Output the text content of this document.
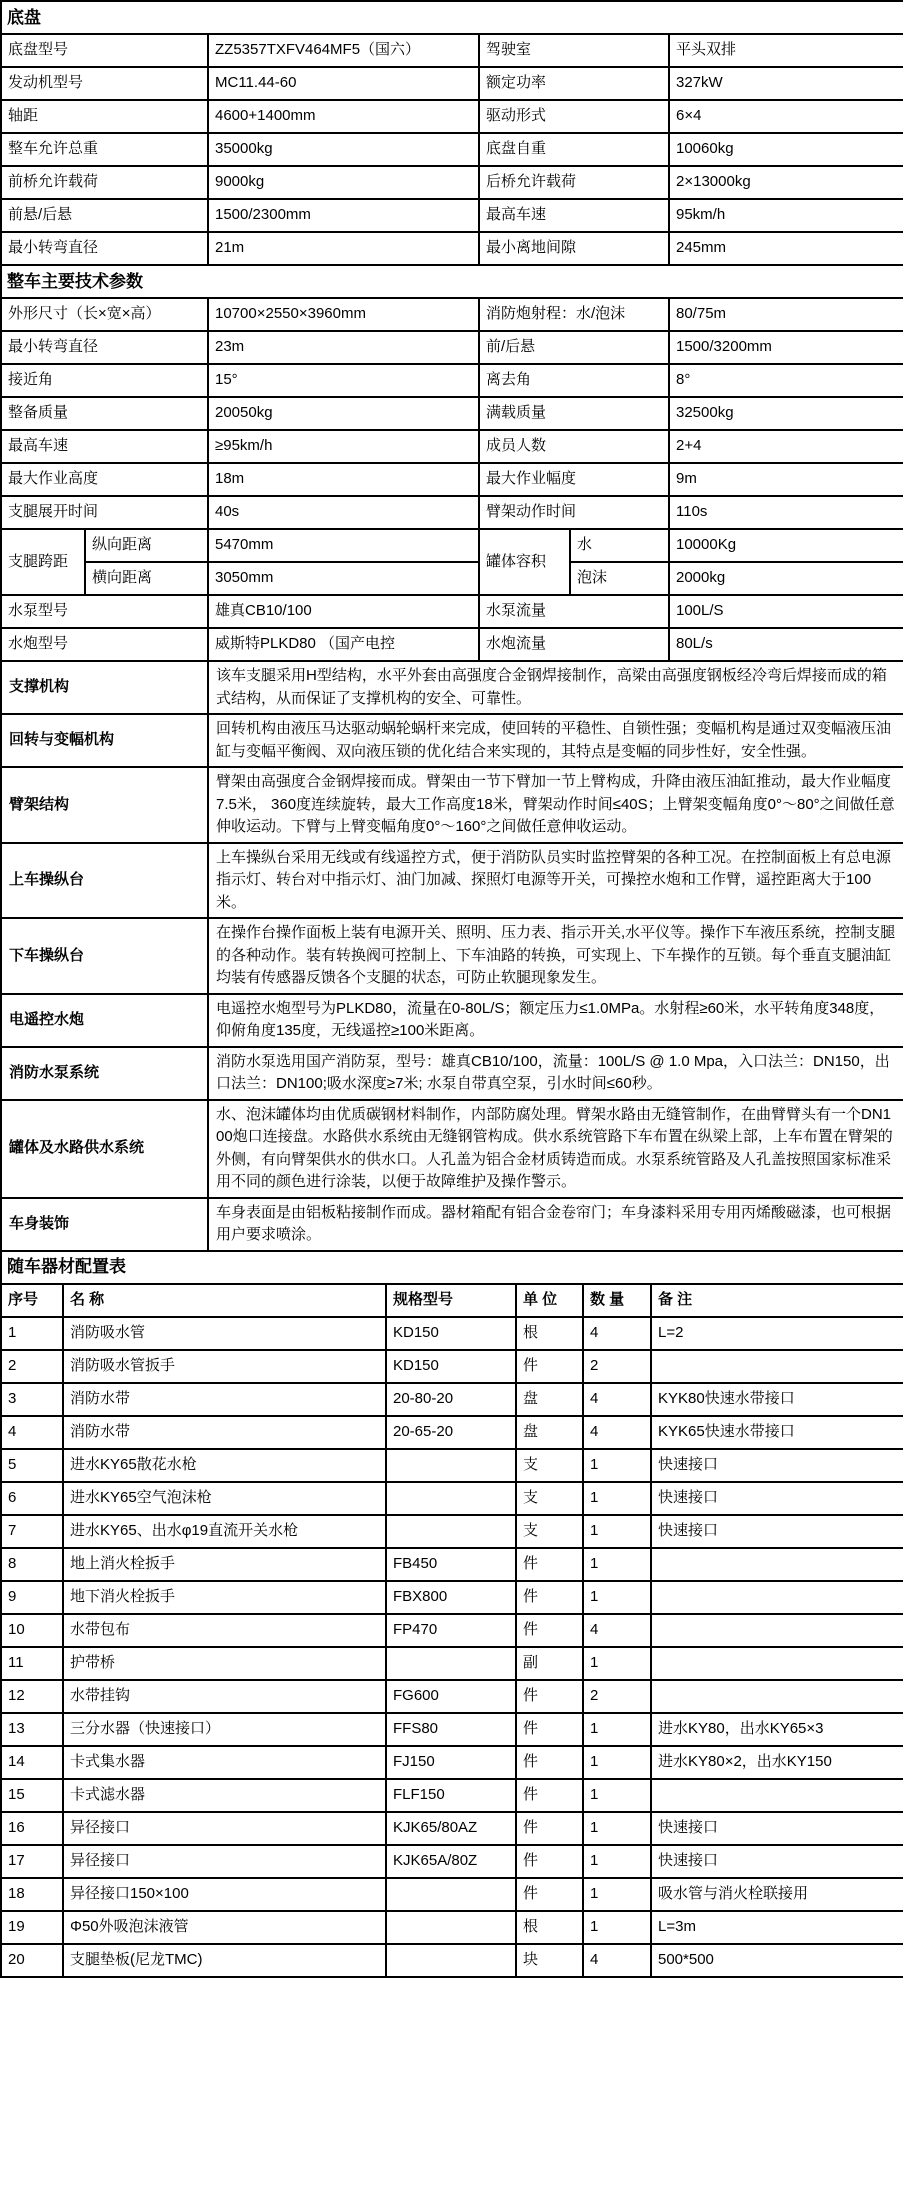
底盘			
底盘型号	ZZ5357TXFV464MF5（国六）	驾驶室	平头双排
发动机型号	MC11.44-60	额定功率	327kW
轴距	4600+1400mm	驱动形式	6×4
整车允许总重	35000kg	底盘自重	10060kg
前桥允许载荷	9000kg	后桥允许载荷	2×13000kg
前悬/后悬	1500/2300mm	最高车速	95km/h
最小转弯直径	21m	最小离地间隙	245mm
整车主要技术参数			
外形尺寸（长×宽×高）	10700×2550×3960mm	消防炮射程：水/泡沫	80/75m
最小转弯直径	23m	前/后悬	1500/3200mm
接近角	15°	离去角	8°
整备质量	20050kg	满载质量	32500kg
最高车速	≥95km/h	成员人数	2+4
最大作业高度	18m	最大作业幅度	9m
支腿展开时间	40s	臂架动作时间	110s
支腿跨距	纵向距离	5470mm	罐体容积	水	10000Kg
	横向距离	3050mm		泡沫	2000kg
水泵型号	雄真CB10/100	水泵流量	100L/S
水炮型号	威斯特PLKD80 （国产电控	水炮流量	80L/s
支撑机构	该车支腿采用H型结构，水平外套由高强度合金钢焊接制作，高梁由高强度钢板经冷弯后焊接而成的箱式结构，从而保证了支撑机构的安全、可靠性。
回转与变幅机构	回转机构由液压马达驱动蜗轮蜗杆来完成，使回转的平稳性、自锁性强；变幅机构是通过双变幅液压油缸与变幅平衡阀、双向液压锁的优化结合来实现的，其特点是变幅的同步性好，安全性强。
臂架结构	臂架由高强度合金钢焊接而成。臂架由一节下臂加一节上臂构成，升降由液压油缸推动，最大作业幅度7.5米， 360度连续旋转，最大工作高度18米，臂架动作时间≤40S；上臂架变幅角度0°～80°之间做任意伸收运动。下臂与上臂变幅角度0°～160°之间做任意伸收运动。
上车操纵台	上车操纵台采用无线或有线遥控方式，便于消防队员实时监控臂架的各种工况。在控制面板上有总电源指示灯、转台对中指示灯、油门加减、探照灯电源等开关，可操控水炮和工作臂，遥控距离大于100米。
下车操纵台	在操作台操作面板上装有电源开关、照明、压力表、指示开关,水平仪等。操作下车液压系统，控制支腿的各种动作。装有转换阀可控制上、下车油路的转换，可实现上、下车操作的互锁。每个垂直支腿油缸均装有传感器反馈各个支腿的状态，可防止软腿现象发生。
电遥控水炮	电遥控水炮型号为PLKD80，流量在0-80L/S；额定压力≤1.0MPa。水射程≥60米，水平转角度348度，仰俯角度135度，无线遥控≥100米距离。
消防水泵系统	消防水泵选用国产消防泵，型号：雄真CB10/100，流量：100L/S @ 1.0 Mpa，入口法兰：DN150，出口法兰：DN100;吸水深度≥7米; 水泵自带真空泵，引水时间≤60秒。
罐体及水路供水系统	水、泡沫罐体均由优质碳钢材料制作，内部防腐处理。臂架水路由无缝管制作，在曲臂臂头有一个DN100炮口连接盘。水路供水系统由无缝钢管构成。供水系统管路下车布置在纵梁上部，上车布置在臂架的外侧，有向臂架供水的供水口。人孔盖为铝合金材质铸造而成。水泵系统管路及人孔盖按照国家标准采用不同的颜色进行涂装，以便于故障维护及操作警示。
车身装饰	车身表面是由铝板粘接制作而成。器材箱配有铝合金卷帘门；车身漆料采用专用丙烯酸磁漆，也可根据用户要求喷涂。
随车器材配置表					
序号	名 称	规格型号	单 位	数 量	备 注
1	消防吸水管	KD150	根	4	L=2
2	消防吸水管扳手	KD150	件	2	
3	消防水带	20-80-20	盘	4	KYK80快速水带接口
4	消防水带	20-65-20	盘	4	KYK65快速水带接口
5	进水KY65散花水枪		支	1	快速接口
6	进水KY65空气泡沫枪		支	1	快速接口
7	进水KY65、出水φ19直流开关水枪		支	1	快速接口
8	地上消火栓扳手	FB450	件	1	
9	地下消火栓扳手	FBX800	件	1	
10	水带包布	FP470	件	4	
11	护带桥		副	1	
12	水带挂钩	FG600	件	2	
13	三分水器（快速接口）	FFS80	件	1	进水KY80，出水KY65×3
14	卡式集水器	FJ150	件	1	进水KY80×2，出水KY150
15	卡式滤水器	FLF150	件	1	
16	异径接口	KJK65/80AZ	件	1	快速接口
17	异径接口	KJK65A/80Z	件	1	快速接口
18	异径接口150×100		件	1	吸水管与消火栓联接用
19	Φ50外吸泡沫液管		根	1	L=3m
20	支腿垫板(尼龙TMC)		块	4	500*500
